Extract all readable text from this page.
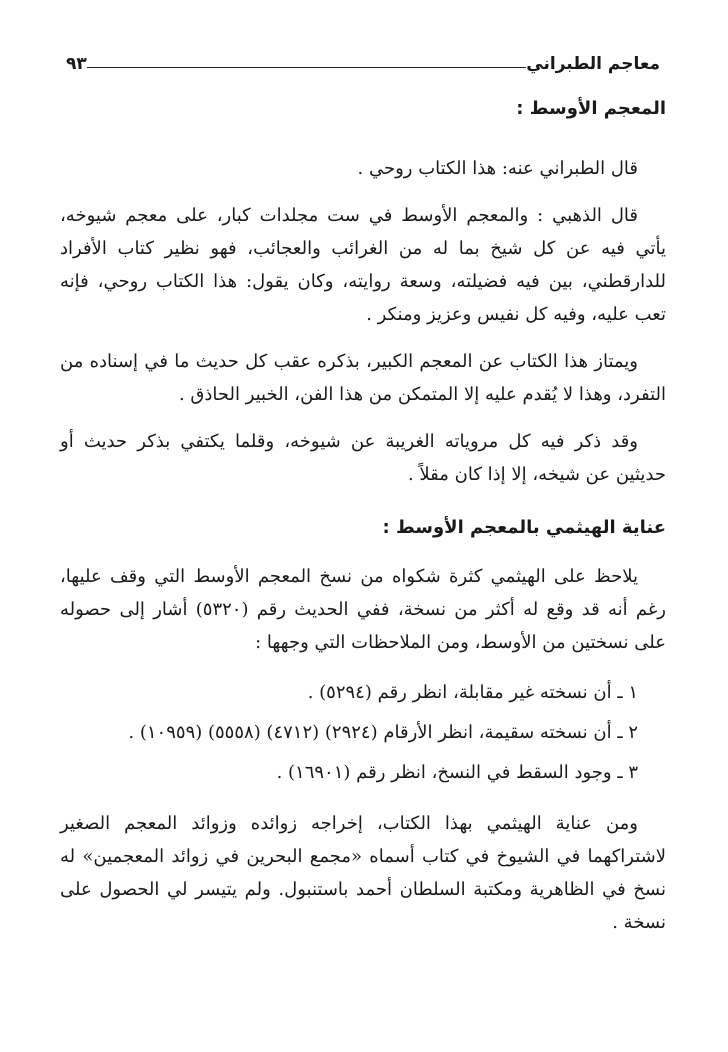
معاجم الطبراني
٩٣
المعجم الأوسط :

قال الطبراني عنه: هذا الكتاب روحي .

قال الذهبي : والمعجم الأوسط في ست مجلدات كبار، على معجم شيوخه، يأتي فيه عن كل شيخ بما له من الغرائب والعجائب، فهو نظير كتاب الأفراد للدارقطني، بين فيه فضيلته، وسعة روايته، وكان يقول: هذا الكتاب روحي، فإنه تعب عليه، وفيه كل نفيس وعزيز ومنكر .

ويمتاز هذا الكتاب عن المعجم الكبير، بذكره عقب كل حديث ما في إسناده من التفرد، وهذا لا يُقدم عليه إلا المتمكن من هذا الفن، الخبير الحاذق .

وقد ذكر فيه كل مروياته الغريبة عن شيوخه، وقلما يكتفي بذكر حديث أو حديثين عن شيخه، إلا إذا كان مقلاً .

عناية الهيثمي بالمعجم الأوسط :

يلاحظ على الهيثمي كثرة شكواه من نسخ المعجم الأوسط التي وقف عليها، رغم أنه قد وقع له أكثر من نسخة، ففي الحديث رقم (٥٣٢٠) أشار إلى حصوله على نسختين من الأوسط، ومن الملاحظات التي وجهها :

١ ـ أن نسخته غير مقابلة، انظر رقم (٥٢٩٤) .
٢ ـ أن نسخته سقيمة، انظر الأرقام (٢٩٢٤) (٤٧١٢) (٥٥٥٨) (١٠٩٥٩) .
٣ ـ وجود السقط في النسخ، انظر رقم (١٦٩٠١) .

ومن عناية الهيثمي بهذا الكتاب، إخراجه زوائده وزوائد المعجم الصغير لاشتراكهما في الشيوخ في كتاب أسماه «مجمع البحرين في زوائد المعجمين» له نسخ في الظاهرية ومكتبة السلطان أحمد باستنبول. ولم يتيسر لي الحصول على نسخة .
